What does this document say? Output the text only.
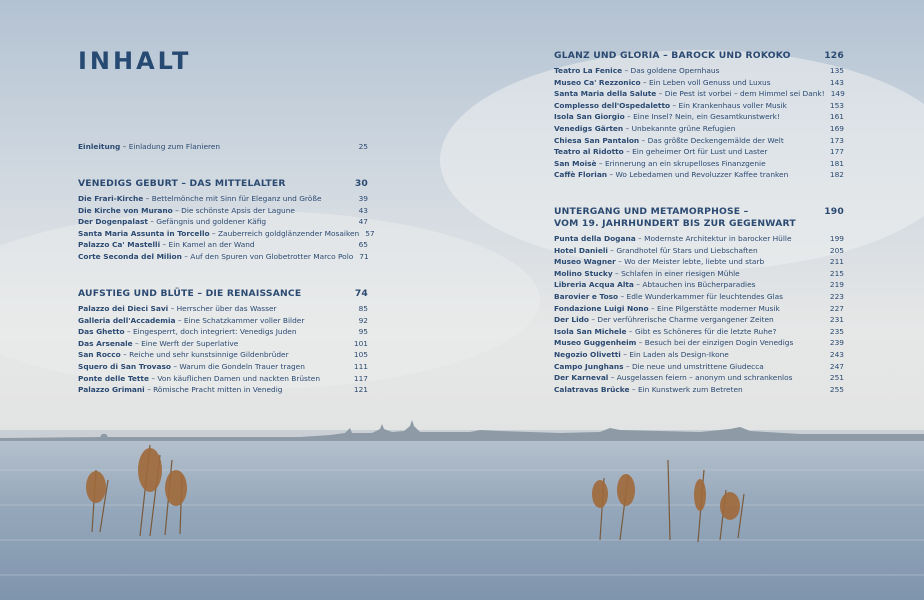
INHALT
Einleitung – Einladung zum Flanieren	25
VENEDIGS GEBURT – DAS MITTELALTER	30
Die Frari-Kirche – Bettelmönche mit Sinn für Eleganz und Größe	39
Die Kirche von Murano – Die schönste Apsis der Lagune	43
Der Dogenpalast – Gefängnis und goldener Käfig	47
Santa Maria Assunta in Torcello – Zauberreich goldglänzender Mosaiken 57
Palazzo Ca' Mastelli – Ein Kamel an der Wand	65
Corte Seconda del Milion – Auf den Spuren von Globetrotter Marco Polo 71
AUFSTIEG UND BLÜTE – DIE RENAISSANCE	74
Palazzo dei Dieci Savi – Herrscher über das Wasser	85
Galleria dell'Accademia – Eine Schatzkammer voller Bilder	92
Das Ghetto – Eingesperrt, doch integriert: Venedigs Juden	95
Das Arsenale – Eine Werft der Superlative	101
San Rocco – Reiche und sehr kunstsinnige Gildenbrüder	105
Squero di San Trovaso – Warum die Gondeln Trauer tragen	111
Ponte delle Tette – Von käuflichen Damen und nackten Brüsten	117
Palazzo Grimani – Römische Pracht mitten in Venedig	121
GLANZ UND GLORIA – BAROCK UND ROKOKO	126
Teatro La Fenice – Das goldene Opernhaus	135
Museo Ca' Rezzonico – Ein Leben voll Genuss und Luxus	143
Santa Maria della Salute – Die Pest ist vorbei – dem Himmel sei Dank! 149
Complesso dell'Ospedaletto – Ein Krankenhaus voller Musik	153
Isola San Giorgio – Eine Insel? Nein, ein Gesamtkunstwerk!	161
Venedigs Gärten – Unbekannte grüne Refugien	169
Chiesa San Pantalon – Das größte Deckengemälde der Welt	173
Teatro al Ridotto – Ein geheimer Ort für Lust und Laster	177
San Moisè – Erinnerung an ein skrupelloses Finanzgenie	181
Caffè Florian – Wo Lebedamen und Revoluzzer Kaffee tranken	182
UNTERGANG UND METAMORPHOSE –
VOM 19. JAHRHUNDERT BIS ZUR GEGENWART
190
Punta della Dogana – Modernste Architektur in barocker Hülle	199
Hotel Danieli – Grandhotel für Stars und Liebschaften	205
Museo Wagner – Wo der Meister lebte, liebte und starb	211
Molino Stucky – Schlafen in einer riesigen Mühle	215
Libreria Acqua Alta – Abtauchen ins Bücherparadies	219
Barovier e Toso – Edle Wunderkammer für leuchtendes Glas	223
Fondazione Luigi Nono – Eine Pilgerstätte moderner Musik	227
Der Lido – Der verführerische Charme vergangener Zeiten	231
Isola San Michele – Gibt es Schöneres für die letzte Ruhe?	235
Museo Guggenheim – Besuch bei der einzigen Dogin Venedigs	239
Negozio Olivetti – Ein Laden als Design-Ikone	243
Campo Junghans – Die neue und umstrittene Giudecca	247
Der Karneval – Ausgelassen feiern – anonym und schrankenlos	251
Calatravas Brücke – Ein Kunstwerk zum Betreten	255
